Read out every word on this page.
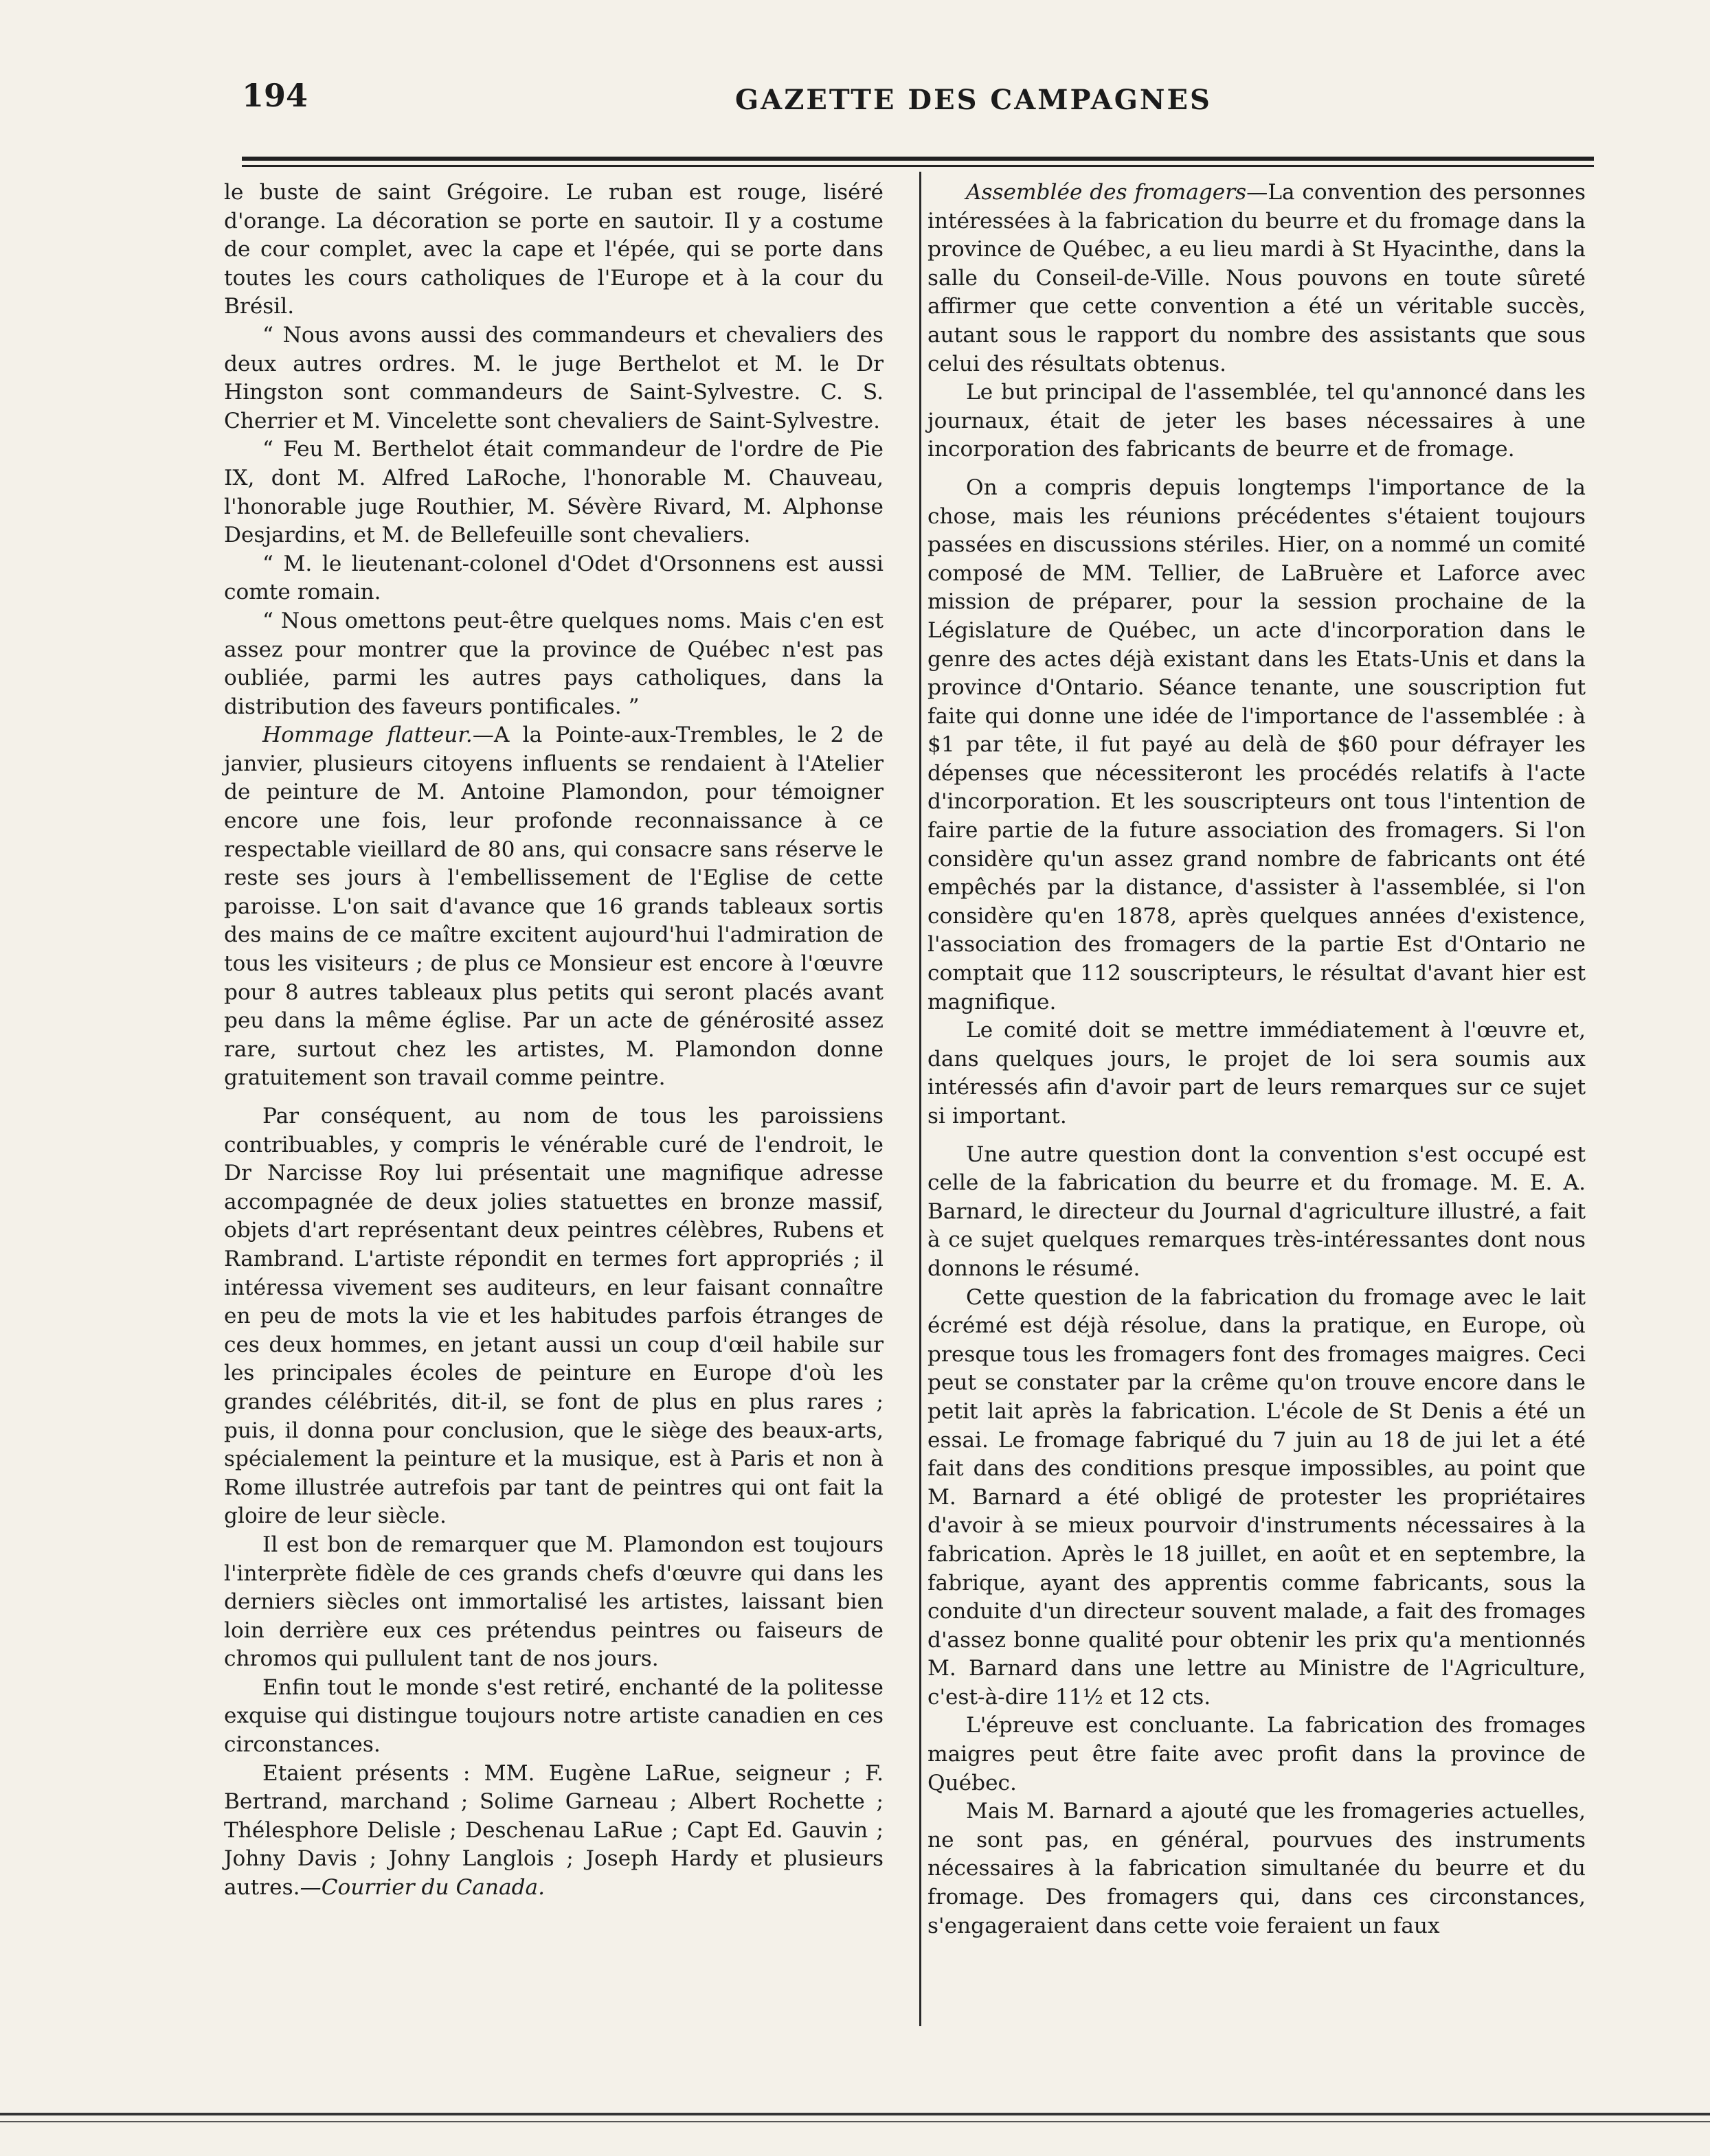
194	GAZETTE DES CAMPAGNES

le buste de saint Grégoire. Le ruban est rouge, liséré d'orange. La décoration se porte en sautoir. Il y a costume de cour complet, avec la cape et l'épée, qui se porte dans toutes les cours catholiques de l'Europe et à la cour du Brésil.

“ Nous avons aussi des commandeurs et chevaliers des deux autres ordres. M. le juge Berthelot et M. le Dr Hingston sont commandeurs de Saint-Sylvestre. C. S. Cherrier et M. Vincelette sont chevaliers de Saint-Sylvestre.

“ Feu M. Berthelot était commandeur de l'ordre de Pie IX, dont M. Alfred LaRoche, l'honorable M. Chauveau, l'honorable juge Routhier, M. Sévère Rivard, M. Alphonse Desjardins, et M. de Bellefeuille sont chevaliers.

“ M. le lieutenant-colonel d'Odet d'Orsonnens est aussi comte romain.

“ Nous omettons peut-être quelques noms. Mais c'en est assez pour montrer que la province de Québec n'est pas oubliée, parmi les autres pays catholiques, dans la distribution des faveurs pontificales. ”

Hommage flatteur.—A la Pointe-aux-Trembles, le 2 de janvier, plusieurs citoyens influents se rendaient à l'Atelier de peinture de M. Antoine Plamondon, pour témoigner encore une fois, leur profonde reconnaissance à ce respectable vieillard de 80 ans, qui consacre sans réserve le reste ses jours à l'embellissement de l'Eglise de cette paroisse. L'on sait d'avance que 16 grands tableaux sortis des mains de ce maître excitent aujourd'hui l'admiration de tous les visiteurs ; de plus ce Monsieur est encore à l'œuvre pour 8 autres tableaux plus petits qui seront placés avant peu dans la même église. Par un acte de générosité assez rare, surtout chez les artistes, M. Plamondon donne gratuitement son travail comme peintre.

Par conséquent, au nom de tous les paroissiens contribuables, y compris le vénérable curé de l'endroit, le Dr Narcisse Roy lui présentait une magnifique adresse accompagnée de deux jolies statuettes en bronze massif, objets d'art représentant deux peintres célèbres, Rubens et Rambrand. L'artiste répondit en termes fort appropriés ; il intéressa vivement ses auditeurs, en leur faisant connaître en peu de mots la vie et les habitudes parfois étranges de ces deux hommes, en jetant aussi un coup d'œil habile sur les principales écoles de peinture en Europe d'où les grandes célébrités, dit-il, se font de plus en plus rares ; puis, il donna pour conclusion, que le siège des beaux-arts, spécialement la peinture et la musique, est à Paris et non à Rome illustrée autrefois par tant de peintres qui ont fait la gloire de leur siècle.

Il est bon de remarquer que M. Plamondon est toujours l'interprète fidèle de ces grands chefs d'œuvre qui dans les derniers siècles ont immortalisé les artistes, laissant bien loin derrière eux ces prétendus peintres ou faiseurs de chromos qui pullulent tant de nos jours.

Enfin tout le monde s'est retiré, enchanté de la politesse exquise qui distingue toujours notre artiste canadien en ces circonstances.

Etaient présents : MM. Eugène LaRue, seigneur ; F. Bertrand, marchand ; Solime Garneau ; Albert Rochette ; Thélesphore Delisle ; Deschenau LaRue ; Capt Ed. Gauvin ; Johny Davis ; Johny Langlois ; Joseph Hardy et plusieurs autres.—Courrier du Canada.

Assemblée des fromagers—La convention des personnes intéressées à la fabrication du beurre et du fromage dans la province de Québec, a eu lieu mardi à St Hyacinthe, dans la salle du Conseil-de-Ville. Nous pouvons en toute sûreté affirmer que cette convention a été un véritable succès, autant sous le rapport du nombre des assistants que sous celui des résultats obtenus.

Le but principal de l'assemblée, tel qu'annoncé dans les journaux, était de jeter les bases nécessaires à une incorporation des fabricants de beurre et de fromage.

On a compris depuis longtemps l'importance de la chose, mais les réunions précédentes s'étaient toujours passées en discussions stériles. Hier, on a nommé un comité composé de MM. Tellier, de LaBruère et Laforce avec mission de préparer, pour la session prochaine de la Législature de Québec, un acte d'incorporation dans le genre des actes déjà existant dans les Etats-Unis et dans la province d'Ontario. Séance tenante, une souscription fut faite qui donne une idée de l'importance de l'assemblée : à $1 par tête, il fut payé au delà de $60 pour défrayer les dépenses que nécessiteront les procédés relatifs à l'acte d'incorporation. Et les souscripteurs ont tous l'intention de faire partie de la future association des fromagers. Si l'on considère qu'un assez grand nombre de fabricants ont été empêchés par la distance, d'assister à l'assemblée, si l'on considère qu'en 1878, après quelques années d'existence, l'association des fromagers de la partie Est d'Ontario ne comptait que 112 souscripteurs, le résultat d'avant hier est magnifique.

Le comité doit se mettre immédiatement à l'œuvre et, dans quelques jours, le projet de loi sera soumis aux intéressés afin d'avoir part de leurs remarques sur ce sujet si important.

Une autre question dont la convention s'est occupé est celle de la fabrication du beurre et du fromage. M. E. A. Barnard, le directeur du Journal d'agriculture illustré, a fait à ce sujet quelques remarques très-intéressantes dont nous donnons le résumé.

Cette question de la fabrication du fromage avec le lait écrémé est déjà résolue, dans la pratique, en Europe, où presque tous les fromagers font des fromages maigres. Ceci peut se constater par la crême qu'on trouve encore dans le petit lait après la fabrication. L'école de St Denis a été un essai. Le fromage fabriqué du 7 juin au 18 de jui let a été fait dans des conditions presque impossibles, au point que M. Barnard a été obligé de protester les propriétaires d'avoir à se mieux pourvoir d'instruments nécessaires à la fabrication. Après le 18 juillet, en août et en septembre, la fabrique, ayant des apprentis comme fabricants, sous la conduite d'un directeur souvent malade, a fait des fromages d'assez bonne qualité pour obtenir les prix qu'a mentionnés M. Barnard dans une lettre au Ministre de l'Agriculture, c'est-à-dire 11½ et 12 cts.

L'épreuve est concluante. La fabrication des fromages maigres peut être faite avec profit dans la province de Québec.

Mais M. Barnard a ajouté que les fromageries actuelles, ne sont pas, en général, pourvues des instruments nécessaires à la fabrication simultanée du beurre et du fromage. Des fromagers qui, dans ces circonstances, s'engageraient dans cette voie feraient un faux
